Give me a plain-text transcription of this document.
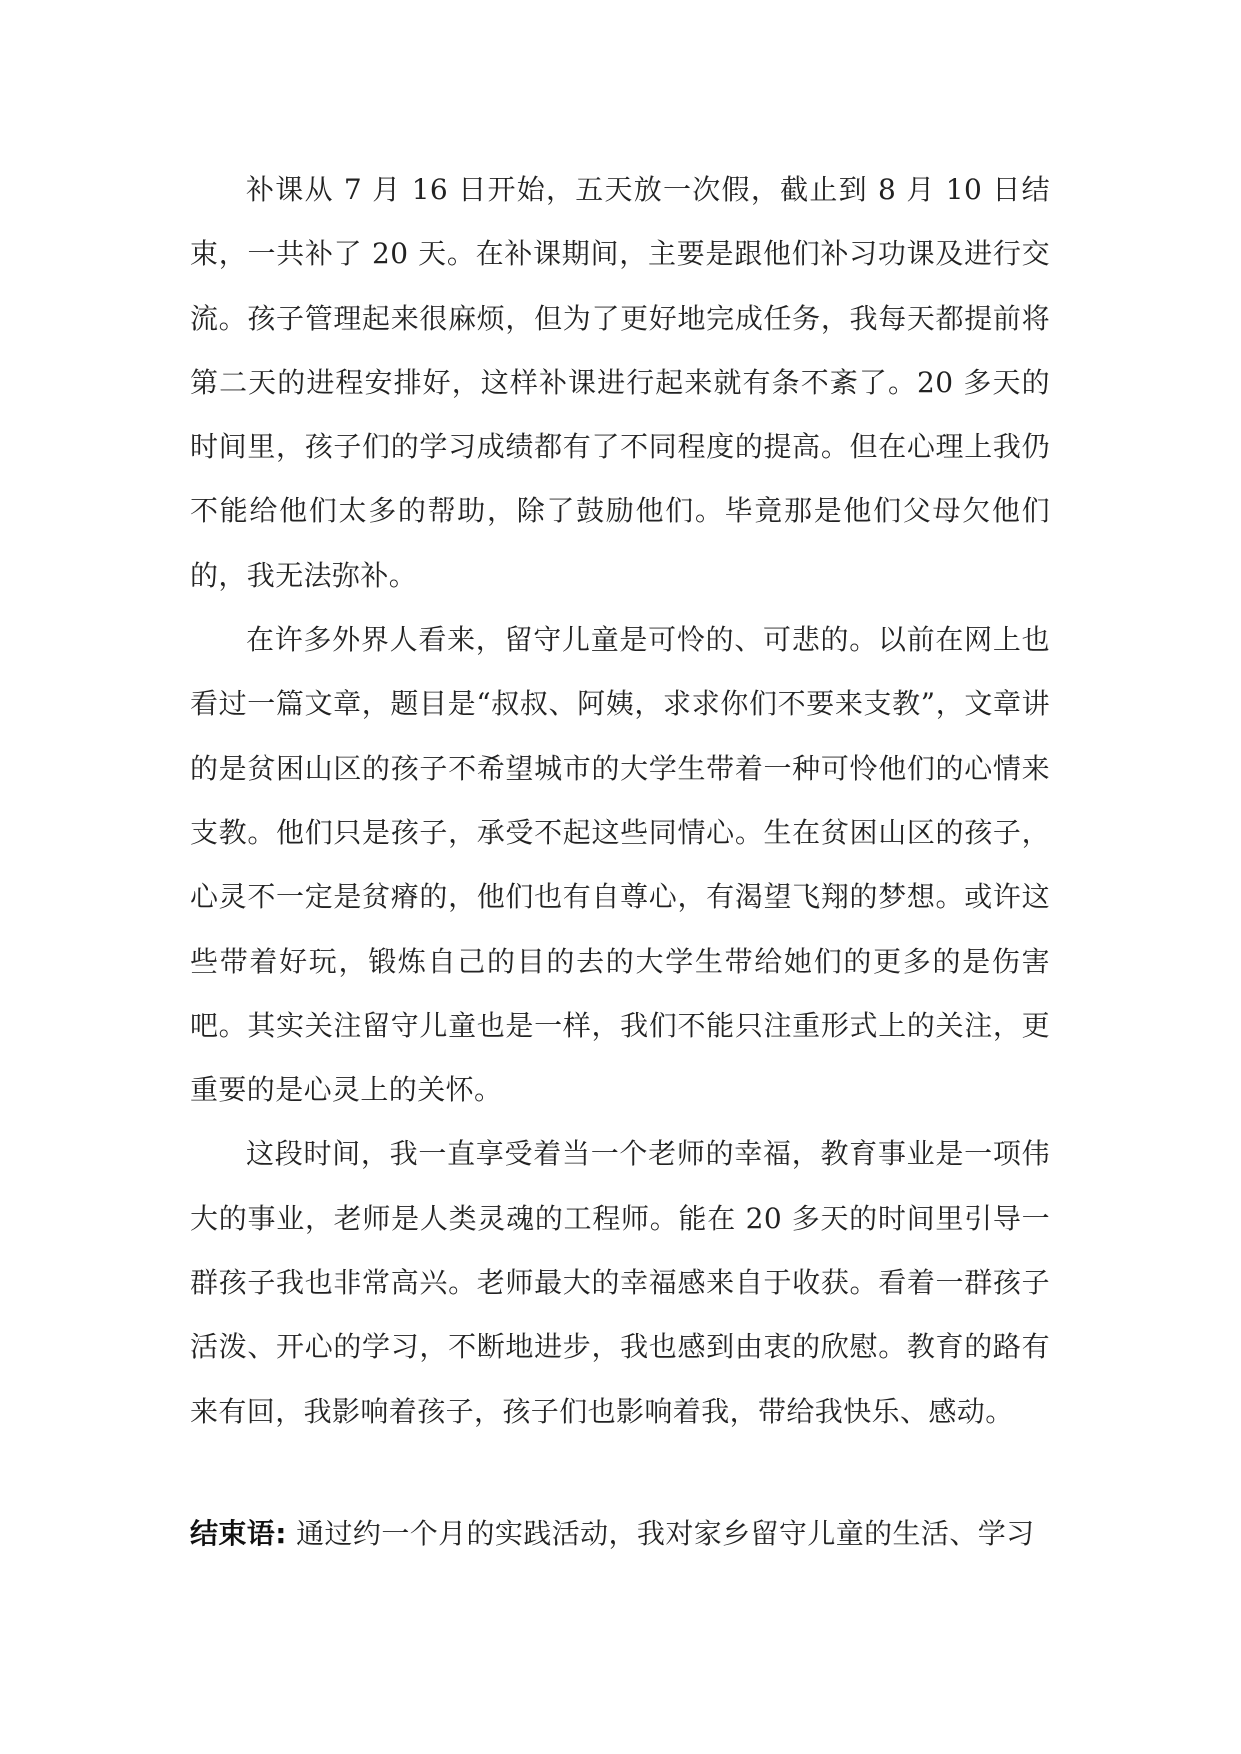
补课从 7 月 16 日开始，五天放一次假，截止到 8 月 10 日结束，一共补了 20 天。在补课期间，主要是跟他们补习功课及进行交流。孩子管理起来很麻烦，但为了更好地完成任务，我每天都提前将第二天的进程安排好，这样补课进行起来就有条不紊了。20 多天的时间里，孩子们的学习成绩都有了不同程度的提高。但在心理上我仍不能给他们太多的帮助，除了鼓励他们。毕竟那是他们父母欠他们的，我无法弥补。

在许多外界人看来，留守儿童是可怜的、可悲的。以前在网上也看过一篇文章，题目是“叔叔、阿姨，求求你们不要来支教”，文章讲的是贫困山区的孩子不希望城市的大学生带着一种可怜他们的心情来支教。他们只是孩子，承受不起这些同情心。生在贫困山区的孩子，心灵不一定是贫瘠的，他们也有自尊心，有渴望飞翔的梦想。或许这些带着好玩，锻炼自己的目的去的大学生带给她们的更多的是伤害吧。其实关注留守儿童也是一样，我们不能只注重形式上的关注，更重要的是心灵上的关怀。

这段时间，我一直享受着当一个老师的幸福，教育事业是一项伟大的事业，老师是人类灵魂的工程师。能在 20 多天的时间里引导一群孩子我也非常高兴。老师最大的幸福感来自于收获。看着一群孩子活泼、开心的学习，不断地进步，我也感到由衷的欣慰。教育的路有来有回，我影响着孩子，孩子们也影响着我，带给我快乐、感动。

结束语: 通过约一个月的实践活动，我对家乡留守儿童的生活、学习
